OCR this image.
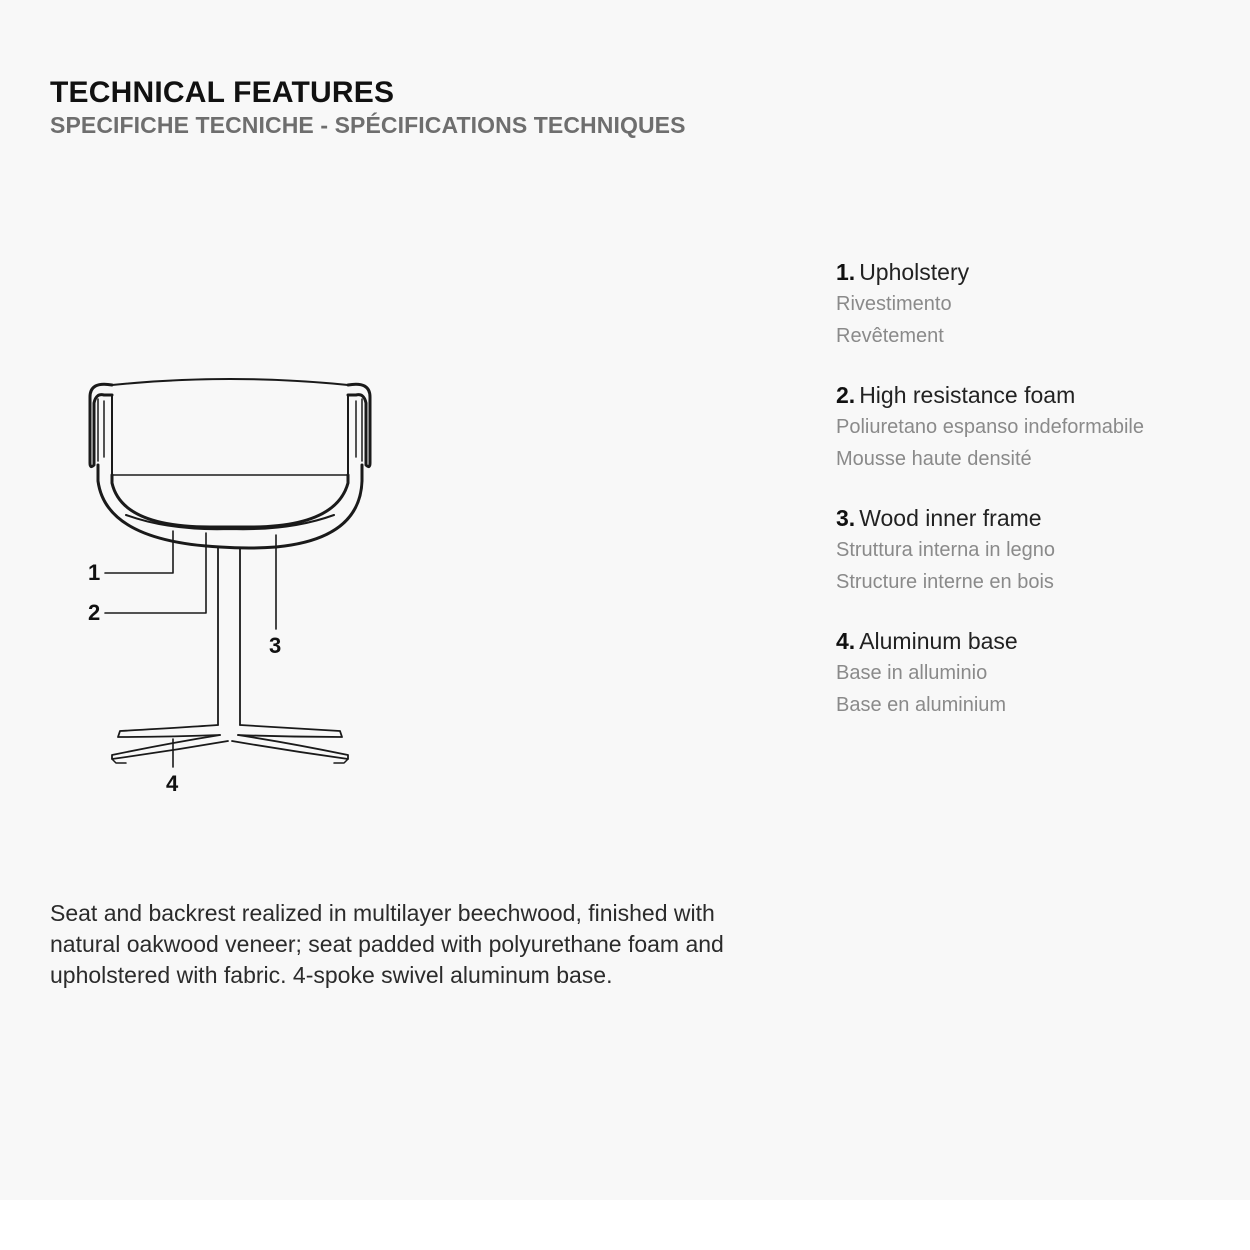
TECHNICAL FEATURES
SPECIFICHE TECNICHE - SPÉCIFICATIONS TECHNIQUES
1
2
3
4
1. Upholstery
Rivestimento
Revêtement
2. High resistance foam
Poliuretano espanso indeformabile
Mousse haute densité
3. Wood inner frame
Struttura interna in legno
Structure interne en bois
4. Aluminum base
Base in alluminio
Base en aluminium

Seat and backrest realized in multilayer beechwood, finished with natural oakwood veneer; seat padded with polyurethane foam and upholstered with fabric. 4-spoke swivel aluminum base.
